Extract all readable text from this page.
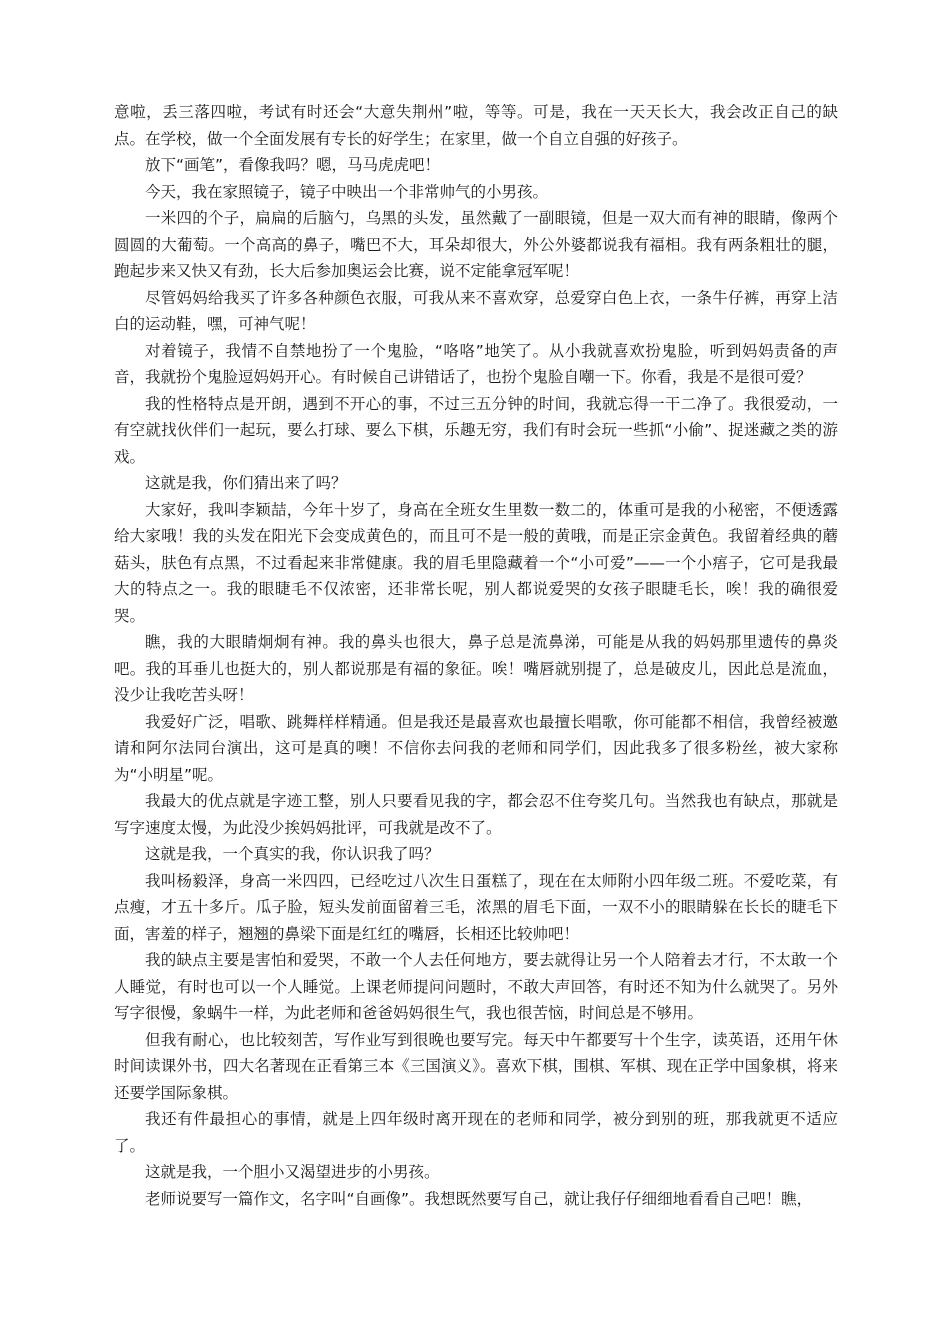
意啦，丢三落四啦，考试有时还会“大意失荆州”啦，等等。可是，我在一天天长大，我会改正自己的缺点。在学校，做一个全面发展有专长的好学生；在家里，做一个自立自强的好孩子。

放下“画笔”，看像我吗？嗯，马马虎虎吧！

今天，我在家照镜子，镜子中映出一个非常帅气的小男孩。

一米四的个子，扁扁的后脑勺，乌黑的头发，虽然戴了一副眼镜，但是一双大而有神的眼睛，像两个圆圆的大葡萄。一个高高的鼻子，嘴巴不大，耳朵却很大，外公外婆都说我有福相。我有两条粗壮的腿，跑起步来又快又有劲，长大后参加奥运会比赛，说不定能拿冠军呢！

尽管妈妈给我买了许多各种颜色衣服，可我从来不喜欢穿，总爱穿白色上衣，一条牛仔裤，再穿上洁白的运动鞋，嘿，可神气呢！

对着镜子，我情不自禁地扮了一个鬼脸，“咯咯”地笑了。从小我就喜欢扮鬼脸，听到妈妈责备的声音，我就扮个鬼脸逗妈妈开心。有时候自己讲错话了，也扮个鬼脸自嘲一下。你看，我是不是很可爱？

我的性格特点是开朗，遇到不开心的事，不过三五分钟的时间，我就忘得一干二净了。我很爱动，一有空就找伙伴们一起玩，要么打球、要么下棋，乐趣无穷，我们有时会玩一些抓“小偷”、捉迷藏之类的游戏。

这就是我，你们猜出来了吗？

大家好，我叫李颖喆，今年十岁了，身高在全班女生里数一数二的，体重可是我的小秘密，不便透露给大家哦！我的头发在阳光下会变成黄色的，而且可不是一般的黄哦，而是正宗金黄色。我留着经典的蘑菇头，肤色有点黑，不过看起来非常健康。我的眉毛里隐藏着一个“小可爱”——一个小痦子，它可是我最大的特点之一。我的眼睫毛不仅浓密，还非常长呢，别人都说爱哭的女孩子眼睫毛长，唉！我的确很爱哭。

瞧，我的大眼睛炯炯有神。我的鼻头也很大，鼻子总是流鼻涕，可能是从我的妈妈那里遗传的鼻炎吧。我的耳垂儿也挺大的，别人都说那是有福的象征。唉！嘴唇就别提了，总是破皮儿，因此总是流血，没少让我吃苦头呀！

我爱好广泛，唱歌、跳舞样样精通。但是我还是最喜欢也最擅长唱歌，你可能都不相信，我曾经被邀请和阿尔法同台演出，这可是真的噢！不信你去问我的老师和同学们，因此我多了很多粉丝，被大家称为“小明星”呢。

我最大的优点就是字迹工整，别人只要看见我的字，都会忍不住夸奖几句。当然我也有缺点，那就是写字速度太慢，为此没少挨妈妈批评，可我就是改不了。

这就是我，一个真实的我，你认识我了吗？

我叫杨毅泽，身高一米四四，已经吃过八次生日蛋糕了，现在在太师附小四年级二班。不爱吃菜，有点瘦，才五十多斤。瓜子脸，短头发前面留着三毛，浓黑的眉毛下面，一双不小的眼睛躲在长长的睫毛下面，害羞的样子，翘翘的鼻梁下面是红红的嘴唇，长相还比较帅吧！

我的缺点主要是害怕和爱哭，不敢一个人去任何地方，要去就得让另一个人陪着去才行，不太敢一个人睡觉，有时也可以一个人睡觉。上课老师提问问题时，不敢大声回答，有时还不知为什么就哭了。另外写字很慢，象蜗牛一样，为此老师和爸爸妈妈很生气，我也很苦恼，时间总是不够用。

但我有耐心，也比较刻苦，写作业写到很晚也要写完。每天中午都要写十个生字，读英语，还用午休时间读课外书，四大名著现在正看第三本《三国演义》。喜欢下棋，围棋、军棋、现在正学中国象棋，将来还要学国际象棋。

我还有件最担心的事情，就是上四年级时离开现在的老师和同学，被分到别的班，那我就更不适应了。

这就是我，一个胆小又渴望进步的小男孩。

老师说要写一篇作文，名字叫“自画像”。我想既然要写自己，就让我仔仔细细地看看自己吧！瞧，
